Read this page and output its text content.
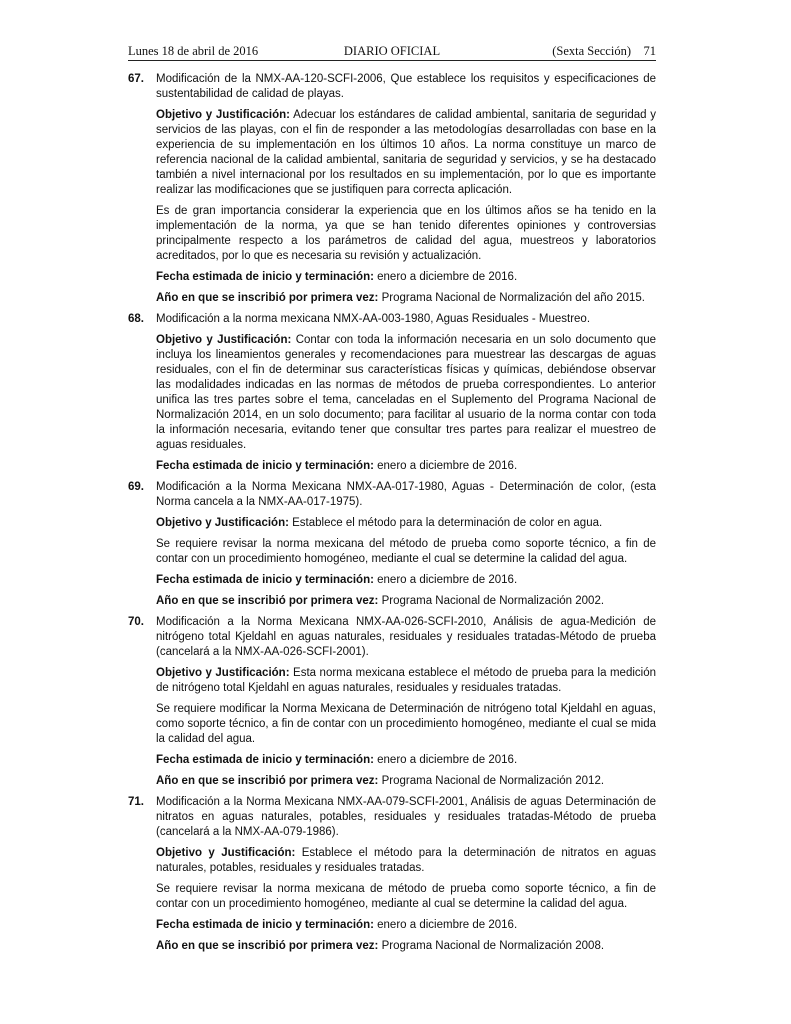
Lunes 18 de abril de 2016	DIARIO OFICIAL	(Sexta Sección) 71
67. Modificación de la NMX-AA-120-SCFI-2006, Que establece los requisitos y especificaciones de sustentabilidad de calidad de playas.

Objetivo y Justificación: Adecuar los estándares de calidad ambiental, sanitaria de seguridad y servicios de las playas, con el fin de responder a las metodologías desarrolladas con base en la experiencia de su implementación en los últimos 10 años. La norma constituye un marco de referencia nacional de la calidad ambiental, sanitaria de seguridad y servicios, y se ha destacado también a nivel internacional por los resultados en su implementación, por lo que es importante realizar las modificaciones que se justifiquen para correcta aplicación.

Es de gran importancia considerar la experiencia que en los últimos años se ha tenido en la implementación de la norma, ya que se han tenido diferentes opiniones y controversias principalmente respecto a los parámetros de calidad del agua, muestreos y laboratorios acreditados, por lo que es necesaria su revisión y actualización.

Fecha estimada de inicio y terminación: enero a diciembre de 2016.

Año en que se inscribió por primera vez: Programa Nacional de Normalización del año 2015.

68. Modificación a la norma mexicana NMX-AA-003-1980, Aguas Residuales - Muestreo.

Objetivo y Justificación: Contar con toda la información necesaria en un solo documento que incluya los lineamientos generales y recomendaciones para muestrear las descargas de aguas residuales, con el fin de determinar sus características físicas y químicas, debiéndose observar las modalidades indicadas en las normas de métodos de prueba correspondientes. Lo anterior unifica las tres partes sobre el tema, canceladas en el Suplemento del Programa Nacional de Normalización 2014, en un solo documento; para facilitar al usuario de la norma contar con toda la información necesaria, evitando tener que consultar tres partes para realizar el muestreo de aguas residuales.

Fecha estimada de inicio y terminación: enero a diciembre de 2016.

69. Modificación a la Norma Mexicana NMX-AA-017-1980, Aguas - Determinación de color, (esta Norma cancela a la NMX-AA-017-1975).

Objetivo y Justificación: Establece el método para la determinación de color en agua.

Se requiere revisar la norma mexicana del método de prueba como soporte técnico, a fin de contar con un procedimiento homogéneo, mediante el cual se determine la calidad del agua.

Fecha estimada de inicio y terminación: enero a diciembre de 2016.

Año en que se inscribió por primera vez: Programa Nacional de Normalización 2002.

70. Modificación a la Norma Mexicana NMX-AA-026-SCFI-2010, Análisis de agua-Medición de nitrógeno total Kjeldahl en aguas naturales, residuales y residuales tratadas-Método de prueba (cancelará a la NMX-AA-026-SCFI-2001).

Objetivo y Justificación: Esta norma mexicana establece el método de prueba para la medición de nitrógeno total Kjeldahl en aguas naturales, residuales y residuales tratadas.

Se requiere modificar la Norma Mexicana de Determinación de nitrógeno total Kjeldahl en aguas, como soporte técnico, a fin de contar con un procedimiento homogéneo, mediante el cual se mida la calidad del agua.

Fecha estimada de inicio y terminación: enero a diciembre de 2016.

Año en que se inscribió por primera vez: Programa Nacional de Normalización 2012.

71. Modificación a la Norma Mexicana NMX-AA-079-SCFI-2001, Análisis de aguas Determinación de nitratos en aguas naturales, potables, residuales y residuales tratadas-Método de prueba (cancelará a la NMX-AA-079-1986).

Objetivo y Justificación: Establece el método para la determinación de nitratos en aguas naturales, potables, residuales y residuales tratadas.

Se requiere revisar la norma mexicana de método de prueba como soporte técnico, a fin de contar con un procedimiento homogéneo, mediante al cual se determine la calidad del agua.

Fecha estimada de inicio y terminación: enero a diciembre de 2016.

Año en que se inscribió por primera vez: Programa Nacional de Normalización 2008.
